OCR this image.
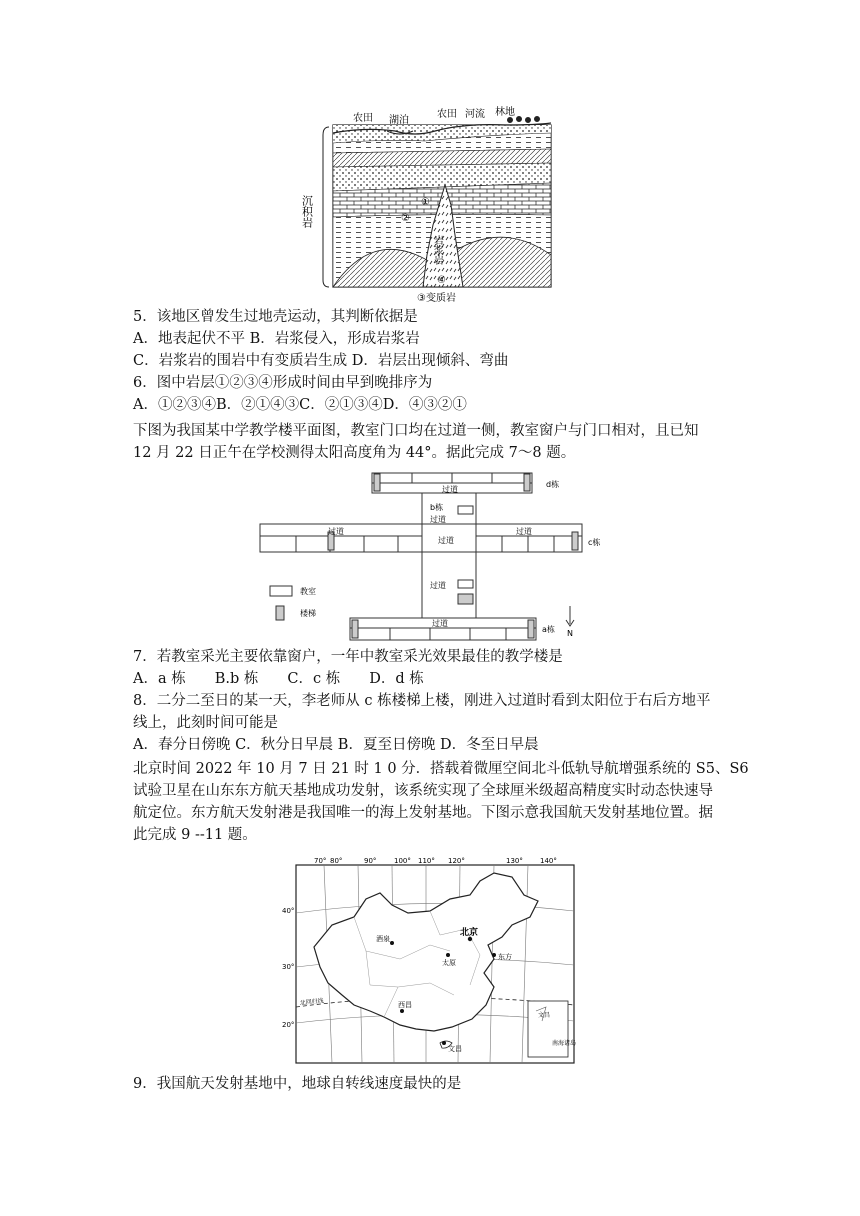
农田 湖泊
农田 河流 林地
沉积岩	①
②
岩浆岩
④
③变质岩
5．该地区曾发生过地壳运动，其判断依据是
A．地表起伏不平 B．岩浆侵入，形成岩浆岩
C．岩浆岩的围岩中有变质岩生成 D．岩层出现倾斜、弯曲
6．图中岩层①②③④形成时间由早到晚排序为
A．①②③④B．②①④③C．②①③④D．④③②①
下图为我国某中学教学楼平面图，教室门口均在过道一侧，教室窗户与门口相对，且已知
12 月 22 日正午在学校测得太阳高度角为 44°。据此完成 7～8 题。
d栋
过道
b栋
过道
过道
过道
过道
c栋
过道
过道
a栋
教室
楼梯
N
7．若教室采光主要依靠窗户，一年中教室采光效果最佳的教学楼是
A．a 栋　　B.b 栋　　C．c 栋　　D．d 栋
8．二分二至日的某一天，李老师从 c 栋楼梯上楼，刚进入过道时看到太阳位于右后方地平
线上，此刻时间可能是
A．春分日傍晚 C．秋分日早晨 B．夏至日傍晚 D．冬至日早晨
北京时间 2022 年 10 月 7 日 21 时 1 0 分．搭载着微厘空间北斗低轨导航增强系统的 S5、S6
试验卫星在山东东方航天基地成功发射，该系统实现了全球厘米级超高精度实时动态快速导
航定位。东方航天发射港是我国唯一的海上发射基地。下图示意我国航天发射基地位置。据
此完成 9 --11 题。
文昌
南海诸岛
70° 80°	90°	100° 110° 120°	130° 140°
40°
30°
20°
北回归线
北京
酒泉
太原
东方
西昌
文昌
9．我国航天发射基地中，地球自转线速度最快的是
